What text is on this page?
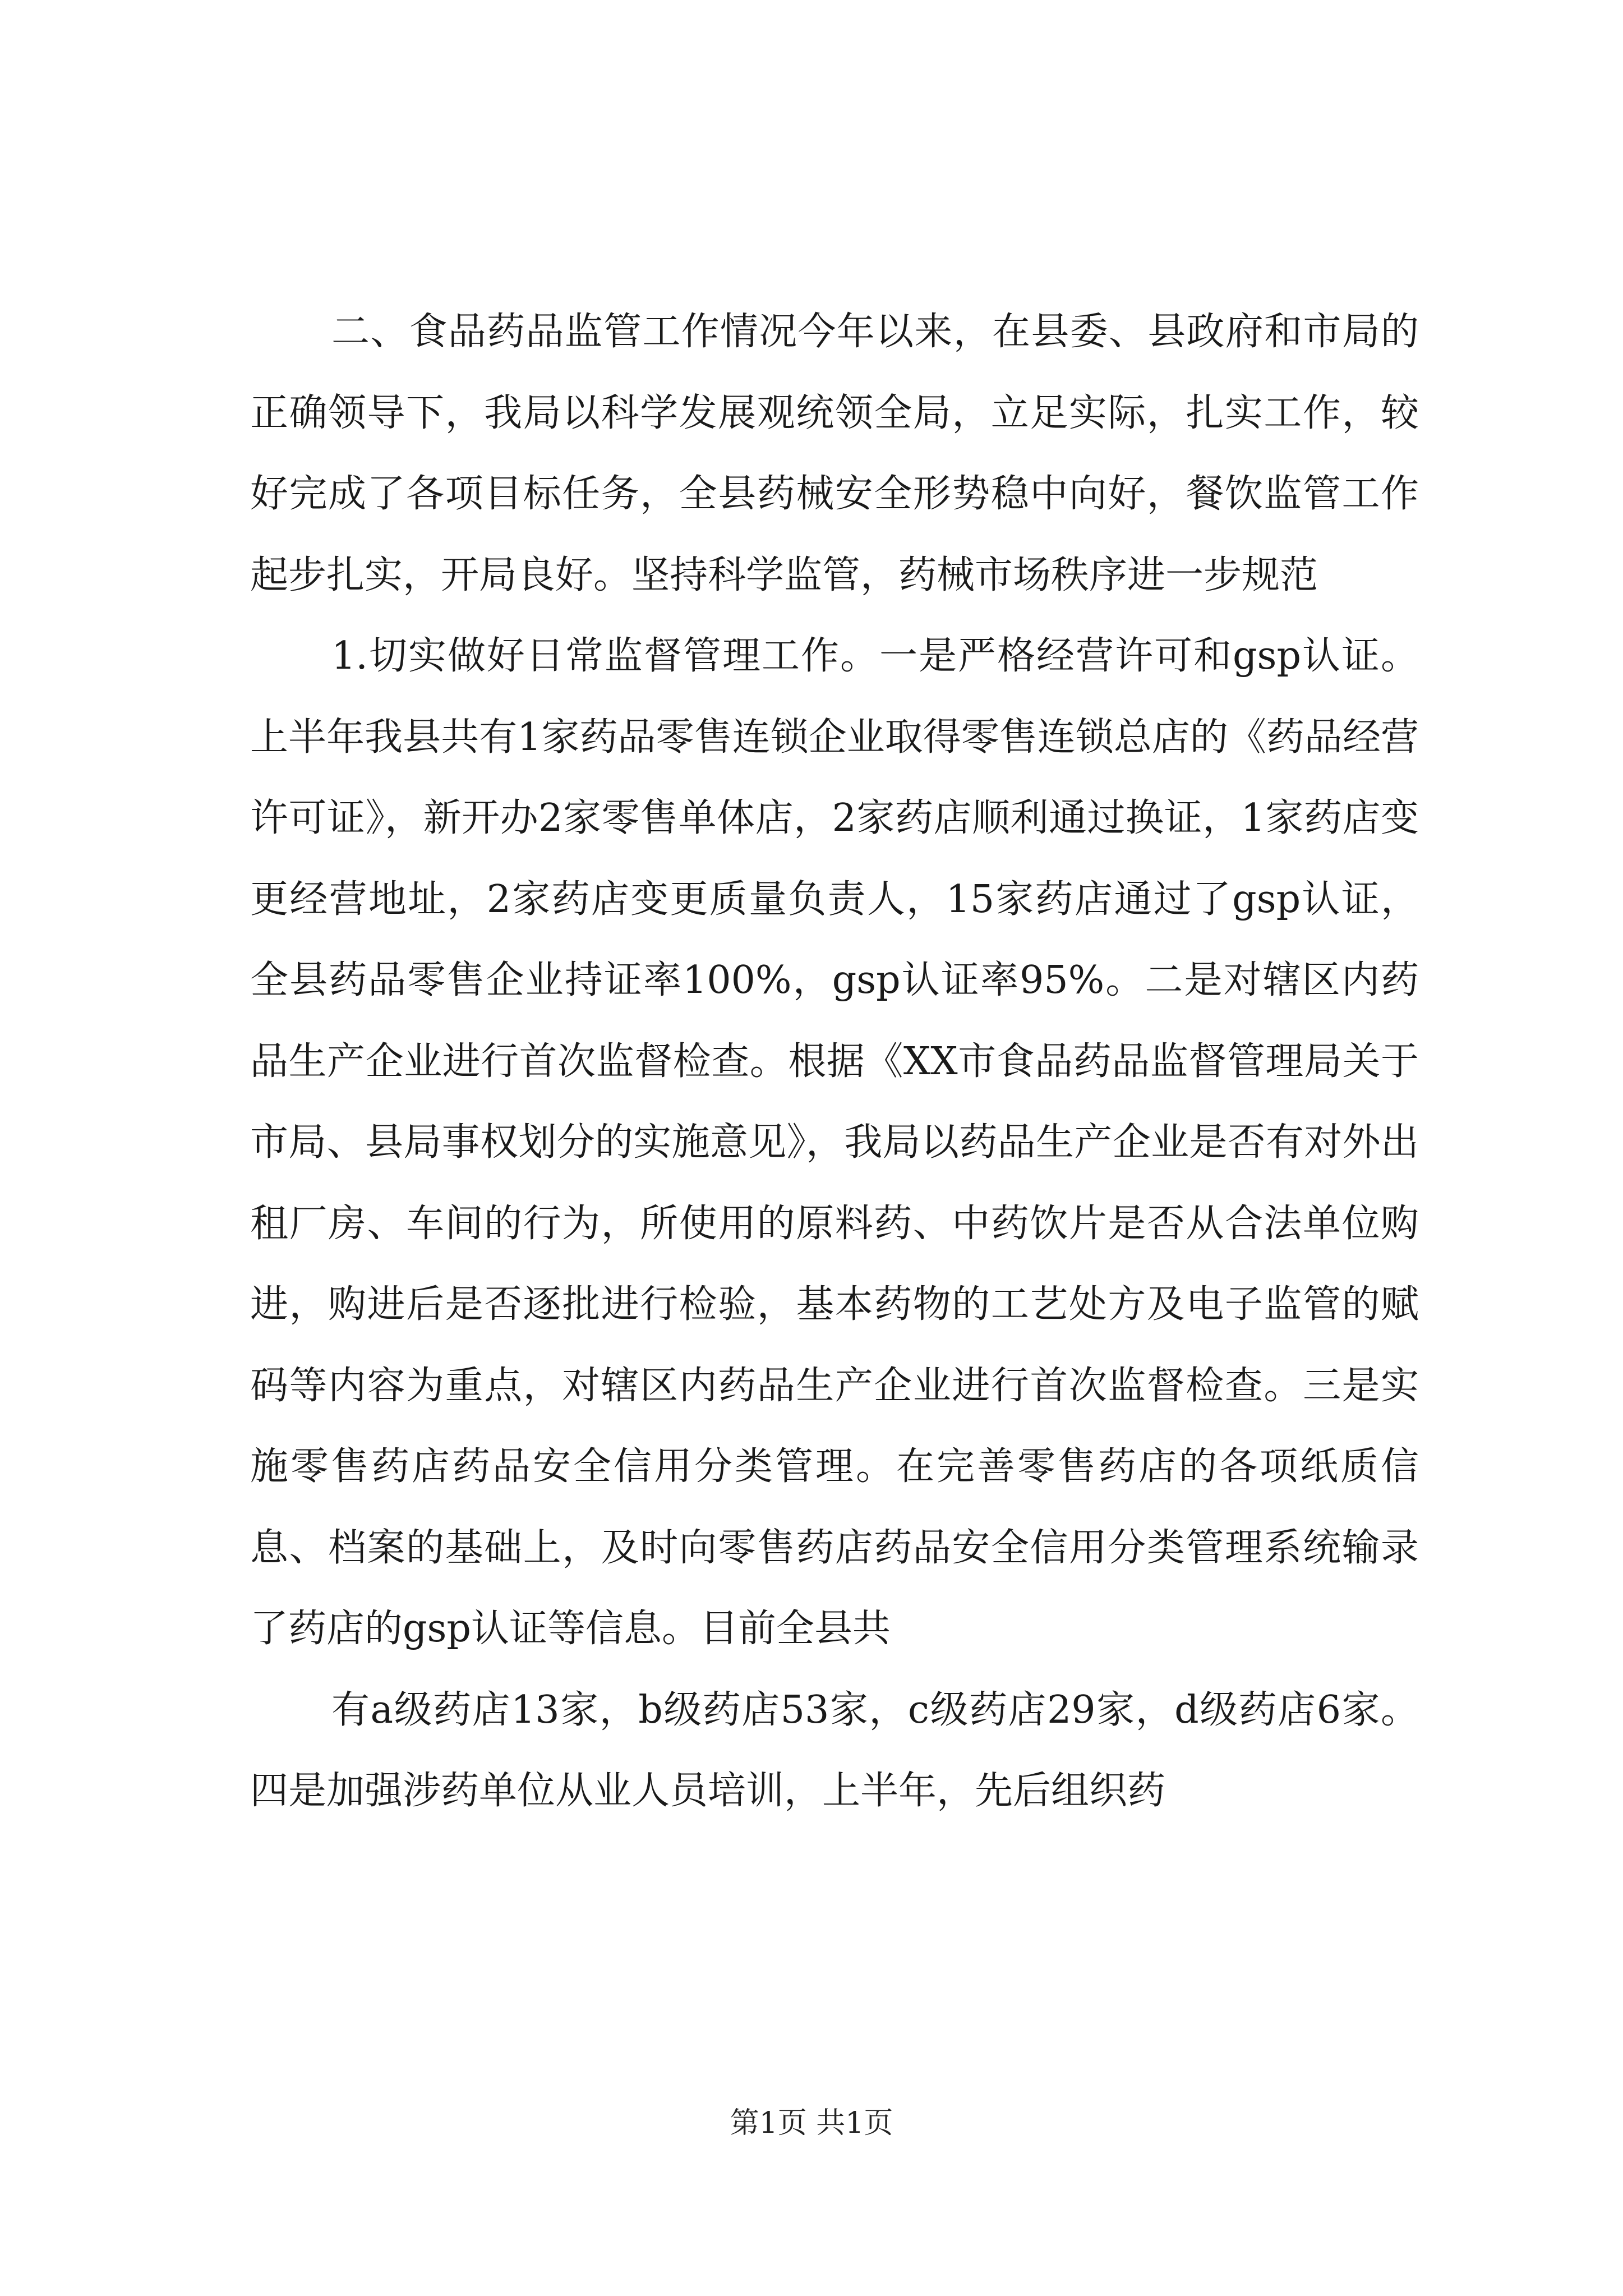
二、食品药品监管工作情况今年以来，在县委、县政府和市局的正确领导下，我局以科学发展观统领全局，立足实际，扎实工作，较好完成了各项目标任务，全县药械安全形势稳中向好，餐饮监管工作起步扎实，开局良好。坚持科学监管，药械市场秩序进一步规范

1.切实做好日常监督管理工作。一是严格经营许可和gsp认证。上半年我县共有1家药品零售连锁企业取得零售连锁总店的《药品经营许可证》，新开办2家零售单体店，2家药店顺利通过换证，1家药店变更经营地址，2家药店变更质量负责人，15家药店通过了gsp认证，全县药品零售企业持证率100%，gsp认证率95%。二是对辖区内药品生产企业进行首次监督检查。根据《XX市食品药品监督管理局关于市局、县局事权划分的实施意见》，我局以药品生产企业是否有对外出租厂房、车间的行为，所使用的原料药、中药饮片是否从合法单位购进，购进后是否逐批进行检验，基本药物的工艺处方及电子监管的赋码等内容为重点，对辖区内药品生产企业进行首次监督检查。三是实施零售药店药品安全信用分类管理。在完善零售药店的各项纸质信息、档案的基础上，及时向零售药店药品安全信用分类管理系统输录了药店的gsp认证等信息。目前全县共

有a级药店13家，b级药店53家，c级药店29家，d级药店6家。四是加强涉药单位从业人员培训，上半年，先后组织药

第1页 共1页
